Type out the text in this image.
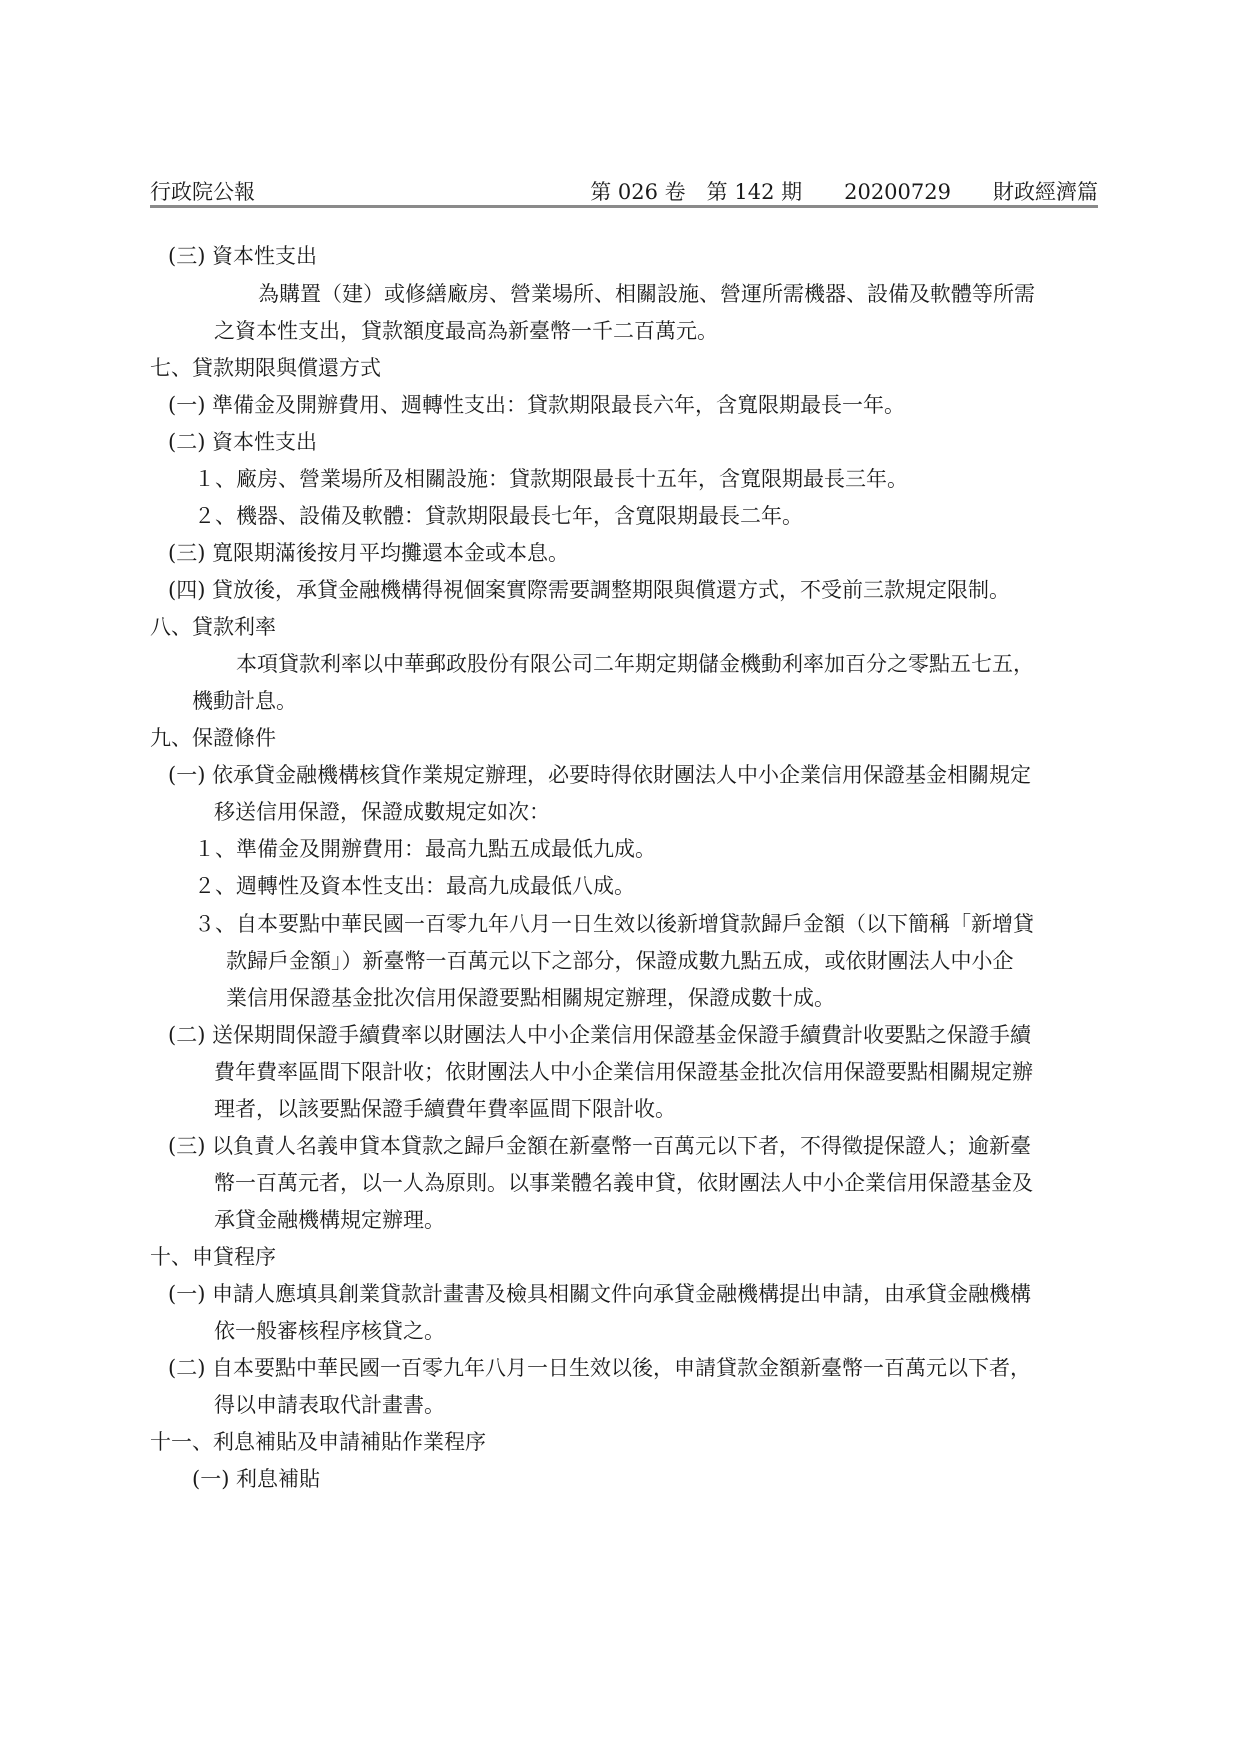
行政院公報	第 026 卷　第 142 期　　20200729　　財政經濟篇
(三) 資本性支出
為購置（建）或修繕廠房、營業場所、相關設施、營運所需機器、設備及軟體等所需
之資本性支出，貸款額度最高為新臺幣一千二百萬元。
七、貸款期限與償還方式
(一) 準備金及開辦費用、週轉性支出：貸款期限最長六年，含寬限期最長一年。
(二) 資本性支出
１、廠房、營業場所及相關設施：貸款期限最長十五年，含寬限期最長三年。
２、機器、設備及軟體：貸款期限最長七年，含寬限期最長二年。
(三) 寬限期滿後按月平均攤還本金或本息。
(四) 貸放後，承貸金融機構得視個案實際需要調整期限與償還方式，不受前三款規定限制。
八、貸款利率
本項貸款利率以中華郵政股份有限公司二年期定期儲金機動利率加百分之零點五七五，
機動計息。
九、保證條件
(一) 依承貸金融機構核貸作業規定辦理，必要時得依財團法人中小企業信用保證基金相關規定
移送信用保證，保證成數規定如次：
１、準備金及開辦費用：最高九點五成最低九成。
２、週轉性及資本性支出：最高九成最低八成。
３、自本要點中華民國一百零九年八月一日生效以後新增貸款歸戶金額（以下簡稱「新增貸
款歸戶金額」）新臺幣一百萬元以下之部分，保證成數九點五成，或依財團法人中小企
業信用保證基金批次信用保證要點相關規定辦理，保證成數十成。
(二) 送保期間保證手續費率以財團法人中小企業信用保證基金保證手續費計收要點之保證手續
費年費率區間下限計收；依財團法人中小企業信用保證基金批次信用保證要點相關規定辦
理者，以該要點保證手續費年費率區間下限計收。
(三) 以負責人名義申貸本貸款之歸戶金額在新臺幣一百萬元以下者，不得徵提保證人；逾新臺
幣一百萬元者，以一人為原則。以事業體名義申貸，依財團法人中小企業信用保證基金及
承貸金融機構規定辦理。
十、申貸程序
(一) 申請人應填具創業貸款計畫書及檢具相關文件向承貸金融機構提出申請，由承貸金融機構
依一般審核程序核貸之。
(二) 自本要點中華民國一百零九年八月一日生效以後，申請貸款金額新臺幣一百萬元以下者，
得以申請表取代計畫書。
十一、利息補貼及申請補貼作業程序
(一) 利息補貼
